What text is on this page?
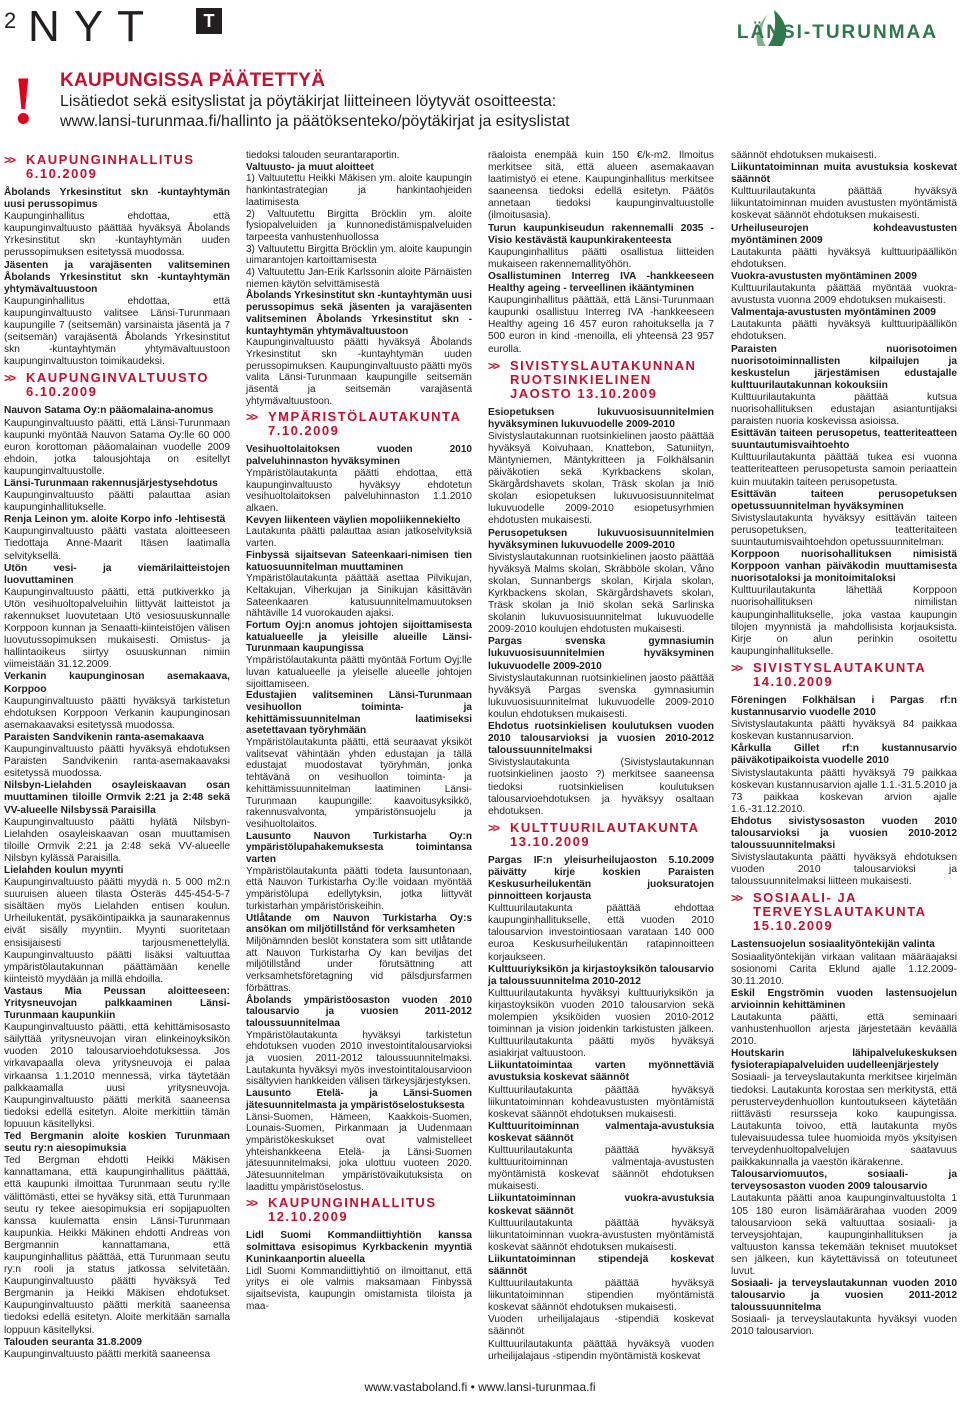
2 NYT	T
LÄNSI-TURUNMAA
! KAUPUNGISSA PÄÄTETTYÄ
Lisätiedot sekä esityslistat ja pöytäkirjat liitteineen löytyvät osoitteesta:
www.lansi-turunmaa.fi/hallinto ja päätöksenteko/pöytäkirjat ja esityslistat
>> KAUPUNGINHALLITUS 6.10.2009

Åbolands Yrkesinstitut skn -kuntayhtymän uusi perussopimus

Kaupunginhallitus ehdottaa, että kaupunginvaltuusto päättää hyväksyä Åbolands Yrkesinstitut skn -kuntayhtymän uuden perussopimuksen esitetyssä muodossa.

Jäsenten ja varajäsenten valitseminen Åbolands Yrkesinstitut skn -kuntayhtymän yhtymävaltuustoon

Kaupunginhallitus ehdottaa, että kaupunginvaltuusto valitsee Länsi-Turunmaan kaupungille 7 (seitsemän) varsinaista jäsentä ja 7 (seitsemän) varajäsentä Åbolands Yrkesinstitut skn -kuntayhtymän yhtymävaltuustoon kaupunginvaltuuston toimikaudeksi.

>> KAUPUNGINVALTUUSTO 6.10.2009

Nauvon Satama Oy:n pääomalaina-anomus

Kaupunginvaltuusto päätti, että Länsi-Turunmaan kaupunki myöntää Nauvon Satama Oy:lle 60 000 euron korottoman pääomalainan vuodelle 2009 ehdoin, jotka talousjohtaja on esitellyt kaupunginvaltuustolle.

Länsi-Turunmaan rakennusjärjestysehdotus

Kaupunginvaltuusto päätti palauttaa asian kaupunginhallitukselle.

Renja Leinon ym. aloite Korpo info -lehtisestä

Kaupunginvaltuusto päätti vastata aloitteeseen Tiedottaja Anne-Maarit Itäsen laatimalla selvityksellä.

Utön vesi- ja viemärilaitteistojen luovuttaminen

Kaupunginvaltuusto päätti, että putkiverkko ja Utön vesihuoltopalveluihin liittyvät laitteistot ja rakennukset luovutetaan Utö vesiosuuskunnalle Korppoon kunnan ja Senaatti-kiinteistöjen välisen luovutussopimuksen mukaisesti. Omistus- ja hallintaoikeus siirtyy osuuskunnan nimiin viimeistään 31.12.2009.

Verkanin kaupunginosan asemakaava, Korppoo

Kaupunginvaltuusto päätti hyväksyä tarkistetun ehdotuksen Korppoon Verkanin kaupunginosan asemakaavaksi esitetyssä muodossa.

Paraisten Sandvikenin ranta-asemakaava

Kaupunginvaltuusto päätti hyväksyä ehdotuksen Paraisten Sandvikenin ranta-asemakaavaksi esitetyssä muodossa.

Nilsbyn-Lielahden osayleiskaavan osan muuttaminen tiloille Ormvik 2:21 ja 2:48 sekä VV-alueelle Nilsbyssä Paraisilla

Kaupunginvaltuusto päätti hylätä Nilsbyn-Lielahden osayleiskaavan osan muuttamisen tiloille Ormvik 2:21 ja 2:48 sekä VV-alueelle Nilsbyn kylässä Paraisilla.

Lielahden koulun myynti

Kaupunginvaltuusto päätti myydä n. 5 000 m2:n suuruisen alueen tilasta Österäs 445-454-5-7 sisältäen myös Lielahden entisen koulun. Urheilukentät, pysäköintipaikka ja saunarakennus eivät sisälly myyntiin. Myynti suoritetaan ensisijaisesti tarjousmenettelyllä. Kaupunginvaltuusto päätti lisäksi valtuuttaa ympäristölautakunnan päättämään kenelle kiinteistö myydään ja millä ehdoilla.

Vastaus Mia Peussan aloitteeseen: Yritysneuvojan palkkaaminen Länsi-Turunmaan kaupunkiin

Kaupunginvaltuusto päätti, että kehittämisosasto säilyttää yritysneuvojan viran elinkeinoyksikön vuoden 2010 talousarvioehdotuksessa. Jos virkavapaalla oleva yritysneuvoja ei palaa virkaansa 1.1.2010 mennessä, virka täytetään palkkaamalla uusi yritysneuvoja. Kaupunginvaltuusto päätti merkitä saaneensa tiedoksi edellä esitetyn. Aloite merkittiin tämän lopuuun käsitellyksi.

Ted Bergmanin aloite koskien Turunmaan seutu ry:n aiesopimuksia

Ted Bergman ehdotti Heikki Mäkisen kannattamana, että kaupunginhallitus päättää, että kaupunki ilmoittaa Turunmaan seutu ry:lle välittömästi, ettei se hyväksy sitä, että Turunmaan seutu ry tekee aiesopimuksia eri sopijapuolten kanssa kuulematta ensin Länsi-Turunmaan kaupunkia. Heikki Mäkinen ehdotti Andreas von Bergmannin kannattamana, että kaupunginhallitus päättää, että Turunmaan seutu ry:n rooli ja status jatkossa selvitetään. Kaupunginvaltuusto päätti hyväksyä Ted Bergmanin ja Heikki Mäkisen ehdotukset. Kaupunginvaltuusto päätti merkitä saaneensa tiedoksi edellä esitetyn. Aloite merkitään samalla loppuun käsitellyksi.

Talouden seuranta 31.8.2009

Kaupunginvaltuusto päätti merkitä saaneensa

tiedoksi talouden seurantaraportin.

Valtuusto- ja muut aloitteet

1) Valtuutettu Heikki Mäkisen ym. aloite kaupungin hankintastrategian ja hankintaohjeiden laatimisesta

2) Valtuutettu Birgitta Bröcklin ym. aloite fysiopalveluiden ja kunnonedistämispalveluiden tarpeesta vanhustenhuollossa

3) Valtuutettu Birgitta Bröcklin ym. aloite kaupungin uimarantojen kartoittamisesta

4) Valtuutettu Jan-Erik Karlssonin aloite Pärnäisten niemen käytön selvittämisestä

Åbolands Yrkesinstitut skn -kuntayhtymän uusi perussopimus sekä jäsenten ja varajäsenten valitseminen Åbolands Yrkesinstitut skn -kuntayhtymän yhtymävaltuustoon

Kaupunginvaltuusto päätti hyväksyä Åbolands Yrkesinstitut skn -kuntayhtymän uuden perussopimuksen. Kaupunginvaltuusto päätti myös valita Länsi-Turunmaan kaupungille seitsemän jäsentä ja seitsemän varajäsentä yhtymävaltuustoon.

>> YMPÄRISTÖLAUTAKUNTA 7.10.2009

Vesihuoltolaitoksen vuoden 2010 palveluhinnaston hyväksyminen

Ympäristölautakunta päätti ehdottaa, että kaupunginvaltuusto hyväksyy ehdotetun vesihuoltolaitoksen palveluhinnaston 1.1.2010 alkaen.

Kevyen liikenteen väylien mopoliikennekielto

Lautakunta päätti palauttaa asian jatkoselvityksiä varten.

Finbyssä sijaitsevan Sateenkaari-nimisen tien katuosuunnitelman muuttaminen

Ympäristölautakunta päättää asettaa Pilvikujan, Keltakujan, Viherkujan ja Sinikujan käsittävän Sateenkaaren katusuunnitelmamuutoksen nähtäville 14 vuorokauden ajaksi.

Fortum Oyj:n anomus johtojen sijoittamisesta katualueelle ja yleisille alueille Länsi-Turunmaan kaupungissa

Ympäristölautakunta päätti myöntää Fortum Oyj:lle luvan katualueelle ja yleiselle alueelle johtojen sijoittamiseen.

Edustajien valitseminen Länsi-Turunmaan vesihuollon toiminta- ja kehittämissuunnitelman laatimiseksi asetettavaan työryhmään

Ympäristölautakunta päätti, että seuraavat yksiköt valitsevat vähintään yhden edustajan ja tällä edustajat muodostavat työryhmän, jonka tehtävänä on vesihuollon toiminta- ja kehittämissuunnitelman laatiminen Länsi-Turunmaan kaupungille: kaavoitusyksikkö, rakennusvalvonta, ympäristönsuojelu ja vesihuoltolaitos.

Lausunto Nauvon Turkistarha Oy:n ympäristölupahakemuksesta toimintansa varten

Ympäristölautakunta päätti todeta lausuntonaan, että Nauvon Turkistarha Oy:lle voidaan myöntää ympäristölupa edellytyksin, jotka liittyvät turkistarhan ympäristöriskeihin.

Utlåtande om Nauvon Turkistarha Oy:s ansökan om miljötillstånd för verksamheten

Miljönämnden beslöt konstatera som sitt utlåtande att Nauvon Turkistarha Oy kan beviljas det miljötillstånd under förutsättning att verksamhetsföretagning vid pälsdjursfarmen förbättras.

Åbolands ympäristöosaston vuoden 2010 talousarvio ja vuosien 2011-2012 taloussuunnitelmaa

Ympäristölautakunta hyväksyi tarkistetun ehdotuksen vuoden 2010 investointitalousarvioksi ja vuosien 2011-2012 taloussuunnitelmaksi. Lautakunta hyväksyi myös investointitalousarvioon sisältyvien hankkeiden välisen tärkeysjärjestyksen.

Lausunto Etelä- ja Länsi-Suomen jätesuunnitelmasta ja ympäristöselostuksesta

Länsi-Suomen, Hämeen, Kaakkois-Suomen, Lounais-Suomen, Pirkanmaan ja Uudenmaan ympäristökeskukset ovat valmistelleet yhteishankkeena Etelä- ja Länsi-Suomen jätesuunnitelmaksi, joka ulottuu vuoteen 2020. Jätesuunnitelman ympäristövaikutuksista on laadittu ympäristöselostus.

>> KAUPUNGINHALLITUS 12.10.2009

Lidl Suomi Kommandiittiyhtiön kanssa solmittava esisopimus Kyrkbackenin myyntiä Kuninkaanportin alueella

Lidl Suomi Kommandiittiyhtiö on ilmoittanut, että yritys ei ole valmis maksamaan Finbyssä sijaitsevista, kaupungin omistamista tiloista ja maa-

räaloista enempää kuin 150 €/k-m2. Ilmoitus merkitsee sitä, että alueen asemakaavan laatimistyö ei etene. Kaupunginhallitus merkitsee saaneensa tiedoksi edellä esitetyn. Päätös annetaan tiedoksi kaupunginvaltuustolle (ilmoitusasia).

Turun kaupunkiseudun rakennemalli 2035 - Visio kestävästä kaupunkirakenteesta

Kaupunginhallitus päätti osallistua liitteiden mukaiseen rakennemallityöhön.

Osallistuminen Interreg IVA -hankkeeseen Healthy ageing - terveellinen ikääntyminen

Kaupunginhallitus päättää, että Länsi-Turunmaan kaupunki osallistuu Interreg IVA -hankkeeseen Healthy ageing 16 457 euron rahoituksella ja 7 500 euron in kind -menoilla, eli yhteensä 23 957 eurolla.

>> SIVISTYSLAUTAKUNNAN RUOTSINKIELINEN JAOSTO 13.10.2009

Esiopetuksen lukuvuosisuunnitelmien hyväksyminen lukuvuodelle 2009-2010

Sivistyslautakunnan ruotsinkielinen jaosto päättää hyväksyä Koivuhaan, Knattebon, Satuniityn, Mäntyniemen, Mäntykritteen ja Folkhälsanin päiväkotien sekä Kyrkbackens skolan, Skärgårdshavets skolan, Träsk skolan ja Iniö skolan esiopetuksen lukuvuosisuunnitelmat lukuvuodelle 2009-2010 esiopetusyrhmien ehdotusten mukaisesti.

Perusopetuksen lukuvuosisuunnitelmien hyväksyminen lukuvuodelle 2009-2010

Sivistyslautakunnan ruotsinkielinen jaosto päättää hyväksyä Malms skolan, Skräbböle skolan, Våno skolan, Sunnanbergs skolan, Kirjala skolan, Kyrkbackens skolan, Skärgårdshavets skolan, Träsk skolan ja Iniö skolan sekä Sarlinska skolanin lukuvuosisuunnitelmat lukuvuodelle 2009-2010 koulujen ehdotusten mukaisesti.

Pargas svenska gymnasiumin lukuvuosisuunnitelmien hyväksyminen lukuvuodelle 2009-2010

Sivistyslautakunnan ruotsinkielinen jaosto päättää hyväksyä Pargas svenska gymnasiumin lukuvuosisuunnitelmat lukuvuodelle 2009-2010 koulun ehdotuksen mukaisesti.

Ehdotus ruotsinkielisen koulutuksen vuoden 2010 talousarvioksi ja vuosien 2010-2012 taloussuunnitelmaksi

Sivistyslautakunta (Sivistyslautakunnan ruotsinkielinen jaosto ?) merkitsee saaneensa tiedoksi ruotsinkielisen koulutuksen talousarvioehdotuksen ja hyväksyy osaltaan ehdotuksen.

>> KULTTUURILAUTAKUNTA 13.10.2009

Pargas IF:n yleisurheilujaoston 5.10.2009 päivätty kirje koskien Paraisten Keskusurheilukentän juoksuratojen pinnoitteen korjausta

Kulttuurilautakunta päättää ehdottaa kaupunginhallitukselle, että vuoden 2010 talousarvion investointiosaan varataan 140 000 euroa Keskusurheilukentän ratapinnoitteen korjaukseen.

Kulttuuriyksikön ja kirjastoyksikön talousarvio ja taloussuunnitelma 2010-2012

Kulttuurilautakunta hyväksyi kulttuuriyksikön ja kirjastoyksikön vuoden 2010 talousarvion sekä molempien yksiköiden vuosien 2010-2012 toiminnan ja vision joidenkin tarkistusten jälkeen. Kulttuurilautakunta päätti myös hyväksyä asiakirjat valtuustoon.

Liikuntatoimintaa varten myönnettäviä avustuksia koskevat säännöt

Kulttuurilautakunta päättää hyväksyä liikuntatoiminnan kohdeavustusten myöntämistä koskevat säännöt ehdotuksen mukaisesti.

Kulttuuritoiminnan valmentaja-avustuksia koskevat säännöt

Kulttuurilautakunta päättää hyväksyä kulttuuritoiminnan valmentaja-avustusten myöntämistä koskevat säännöt ehdotuksen mukaisesti.

Liikuntatoiminnan vuokra-avustuksia koskevat säännöt

Kulttuurilautakunta päättää hyväksyä liikuntatoiminnan vuokra-avustusten myöntämistä koskevat säännöt ehdotuksen mukaisesti.

Liikuntatoiminnan stipendejä koskevat säännöt

Kulttuurilautakunta päättää hyväksyä liikuntatoiminnan stipendien myöntämistä koskevat säännöt ehdotuksen mukaisesti.

Vuoden urheilijalajaus -stipendiä koskevat säännöt

Kulttuurilautakunta päättää hyväksyä vuoden urheilijalajaus -stipendin myöntämistä koskevat

säännöt ehdotuksen mukaisesti.

Liikuntatoiminnan muita avustuksia koskevat säännöt

Kulttuurilautakunta päättää hyväksyä liikuntatoiminnan muiden avustusten myöntämistä koskevat säännöt ehdotuksen mukaisesti.

Urheiluseurojen kohdeavustusten myöntäminen 2009

Lautakunta päätti hyväksyä kulttuuripäällikön ehdotuksen.

Vuokra-avustusten myöntäminen 2009

Kulttuurilautakunta päättää myöntää vuokra-avustusta vuonna 2009 ehdotuksen mukaisesti.

Valmentaja-avustusten myöntäminen 2009

Lautakunta päätti hyväksyä kulttuuripäällikön ehdotuksen.

Paraisten nuorisotoimen nuorisotoiminnallisten kilpailujen ja keskustelun järjestämisen edustajalle kulttuurilautakunnan kokouksiin

Kulttuurilautakunta päättää kutsua nuorisohallituksen edustajan asiantuntijaksi paraisten nuoria koskevissa asioissa.

Esittävän taiteen perusopetus, teatteriteatteen suuntautumisvaihtoehto

Kulttuurilautakunta päättää tukea esi vuonna teatteriteatteen perusopetusta samoin periaattein kuin muutakin taiteen perusopetusta.

Esittävän taiteen perusopetuksen opetussuunnitelman hyväksyminen

Sivistyslautakunta hyväksyy esittävän taiteen perusopetuksen, teatteritaiteen suuntautumisvaihtoehdon opetussuunnitelman.

Korppoon nuorisohallituksen nimisistä Korppoon vanhan päiväkodin muuttamisesta nuorisotaloksi ja monitoimitaloksi

Kulttuurilautakunta lähettää Korppoon nuorisohallituksen nimilistan kaupunginhallitukselle, joka vastaa kaupungin tilojen myynnistä ja mahdollisista korjauksista. Kirje on alun perinkin osoitettu kaupunginhallitukselle.

>> SIVISTYSLAUTAKUNTA 14.10.2009

Föreningen Folkhälsan i Pargas rf:n kustannusarvio vuodelle 2010

Sivistyslautakunta päätti hyväksyä 84 paikkaa koskevan kustannusarvion.

Kårkulla Gillet rf:n kustannusarvio päiväkotipaikoista vuodelle 2010

Sivistyslautakunta päätti hyväksyä 79 paikkaa koskevan kustannusarvion ajalle 1.1.-31.5.2010 ja 73 paikkaa koskevan arvion ajalle 1.6.-31.12.2010.

Ehdotus sivistysosaston vuoden 2010 talousarvioksi ja vuosien 2010-2012 taloussuunnitelmaksi

Sivistyslautakunta päätti hyväksyä ehdotuksen vuoden 2010 talousarvioksi ja taloussuunnitelmaksi liitteen mukaisesti.

>> SOSIAALI- JA TERVEYSLAUTAKUNTA 15.10.2009

Lastensuojelun sosiaalityöntekijän valinta

Sosiaalityöntekijän virkaan valitaan määräajaksi sosionomi Carita Eklund ajalle 1.12.2009-30.11.2010.

Eskil Engströmin vuoden lastensuojelun arvioinnin kehittäminen

Lautakunta päätti, että seminaari vanhustenhuollon arjesta järjestetään keväällä 2010.

Houtskarin lähipalvelukeskuksen fysioterapiapalveluiden uudelleenjärjestely

Sosiaali- ja terveyslautakunta merkitsee kirjelmän tiedoksi. Lautakunta korostaa sen merkitystä, että perusterveydenhuollon kuntoutukseen käytetään riittävästi resursseja koko kaupungissa. Lautakunta toivoo, että lautakunta myös tulevaisuudessa tulee huomioida myös yksityisen terveydenhuoltopalvelujen saatavuus paikkakunnalla ja vaestön ikärakenne.

Talousarviomuutos, sosiaali- ja terveysosaston vuoden 2009 talousarvio

Lautakunta päätti anoa kaupunginvaltuustolta 1 105 180 euron lisämäärärahaa vuoden 2009 talousarvioon sekä valtuuttaa sosiaali- ja terveysjohtajan, kaupunginhallituksen ja valtuuston kanssa tekemään tekniset muutokset sen jälkeen, kun käytettävissä on toteutuneet luvut.

Sosiaali- ja terveyslautakunnan vuoden 2010 talousarvio ja vuosien 2011-2012 taloussuunnitelma

Sosiaali- ja terveyslautakunta hyväksyi vuoden 2010 talousarvion.

www.vastaboland.fi • www.lansi-turunmaa.fi
